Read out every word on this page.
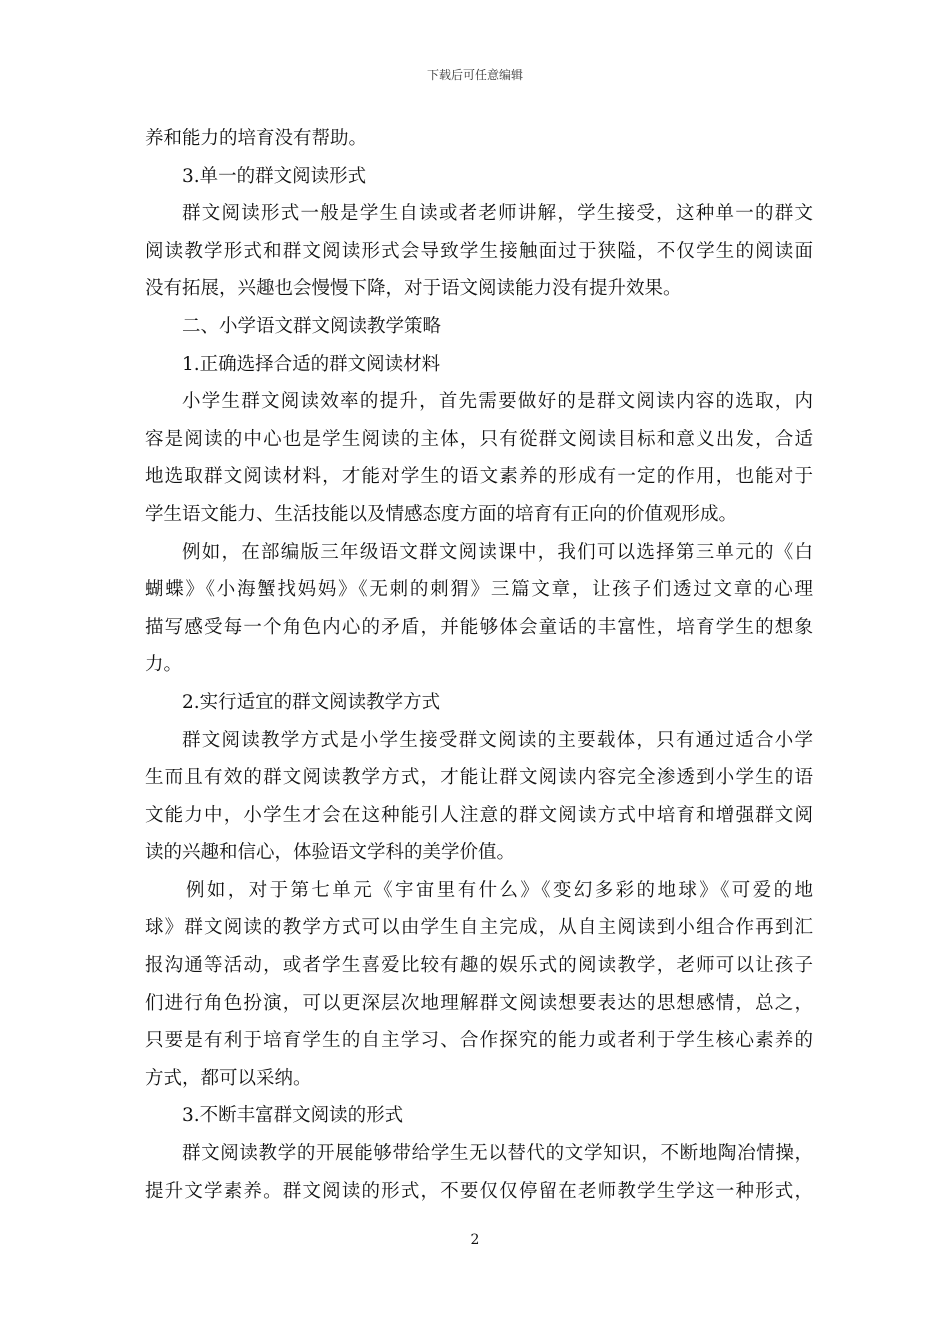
下载后可任意编辑
养和能力的培育没有帮助。
3.单一的群文阅读形式
群文阅读形式一般是学生自读或者老师讲解，学生接受，这种单一的群文
阅读教学形式和群文阅读形式会导致学生接触面过于狭隘，不仅学生的阅读面
没有拓展，兴趣也会慢慢下降，对于语文阅读能力没有提升效果。
二、小学语文群文阅读教学策略
1.正确选择合适的群文阅读材料
小学生群文阅读效率的提升，首先需要做好的是群文阅读内容的选取，内
容是阅读的中心也是学生阅读的主体，只有從群文阅读目标和意义出发，合适
地选取群文阅读材料，才能对学生的语文素养的形成有一定的作用，也能对于
学生语文能力、生活技能以及情感态度方面的培育有正向的价值观形成。
例如，在部编版三年级语文群文阅读课中，我们可以选择第三单元的《白
蝴蝶》《小海蟹找妈妈》《无刺的刺猬》三篇文章，让孩子们透过文章的心理
描写感受每一个角色内心的矛盾，并能够体会童话的丰富性，培育学生的想象
力。
2.实行适宜的群文阅读教学方式
群文阅读教学方式是小学生接受群文阅读的主要载体，只有通过适合小学
生而且有效的群文阅读教学方式，才能让群文阅读内容完全渗透到小学生的语
文能力中，小学生才会在这种能引人注意的群文阅读方式中培育和增强群文阅
读的兴趣和信心，体验语文学科的美学价值。
例如，对于第七单元《宇宙里有什么》《变幻多彩的地球》《可爱的地
球》群文阅读的教学方式可以由学生自主完成，从自主阅读到小组合作再到汇
报沟通等活动，或者学生喜爱比较有趣的娱乐式的阅读教学，老师可以让孩子
们进行角色扮演，可以更深层次地理解群文阅读想要表达的思想感情，总之，
只要是有利于培育学生的自主学习、合作探究的能力或者利于学生核心素养的
方式，都可以采纳。
3.不断丰富群文阅读的形式
群文阅读教学的开展能够带给学生无以替代的文学知识，不断地陶冶情操，
提升文学素养。群文阅读的形式，不要仅仅停留在老师教学生学这一种形式，
2
